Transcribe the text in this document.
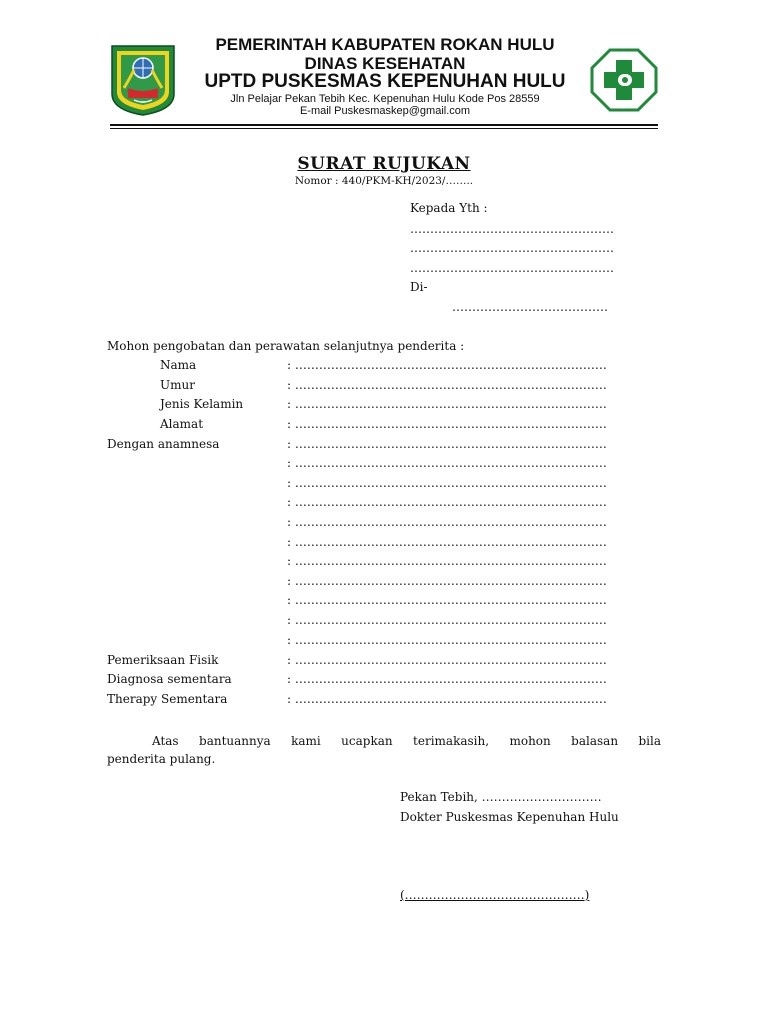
PEMERINTAH KABUPATEN ROKAN HULU
DINAS KESEHATAN
UPTD PUSKESMAS KEPENUHAN HULU
Jln Pelajar Pekan Tebih Kec. Kepenuhan Hulu Kode Pos 28559
E-mail Puskesmaskep@gmail.com
SURAT RUJUKAN
Nomor : 440/PKM-KH/2023/……..
Kepada Yth :
……………………………………………
……………………………………………
……………………………………………
Di-
…………………………………
Mohon pengobatan dan perawatan selanjutnya penderita :
Nama	: ……………………………………………………………………
Umur	: ……………………………………………………………………
Jenis Kelamin	: ……………………………………………………………………
Alamat	: ……………………………………………………………………
Dengan anamnesa	: ……………………………………………………………………
: ……………………………………………………………………
: ……………………………………………………………………
: ……………………………………………………………………
: ……………………………………………………………………
: ……………………………………………………………………
: ……………………………………………………………………
: ……………………………………………………………………
: ……………………………………………………………………
: ……………………………………………………………………
: ……………………………………………………………………
Pemeriksaan Fisik	: ……………………………………………………………………
Diagnosa sementara	: ……………………………………………………………………
Therapy Sementara	: ……………………………………………………………………
Atas bantuannya kami ucapkan terimakasih, mohon balasan bila
penderita pulang.
Pekan Tebih, …………………………
Dokter Puskesmas Kepenuhan Hulu
(………………………………………)
